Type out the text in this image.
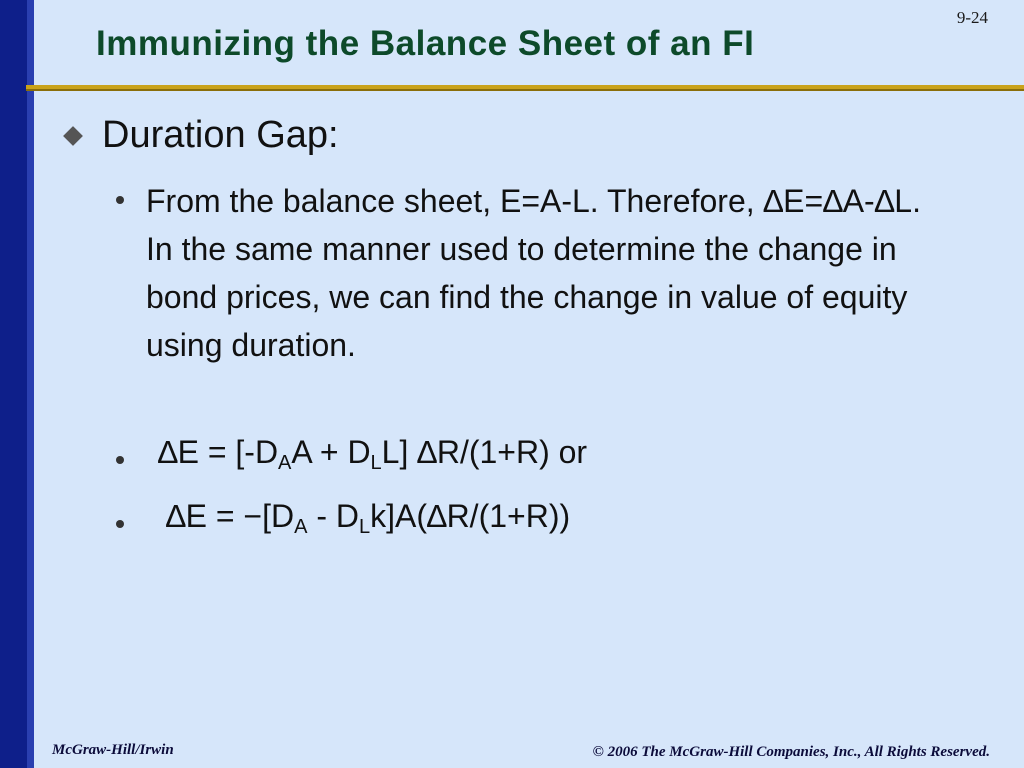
9-24
Immunizing the Balance Sheet of an FI
Duration Gap:
From the balance sheet, E=A-L. Therefore, ∆E=∆A-∆L. In the same manner used to determine the change in bond prices, we can find the change in value of equity using duration.
$\Delta E = [-D_AA + D_LL]$ ∆R/(1+R) or
$\Delta E = -[D_A - D_Lk]A(\Delta R/(1+R))$
McGraw-Hill/Irwin	© 2006 The McGraw-Hill Companies, Inc., All Rights Reserved.
